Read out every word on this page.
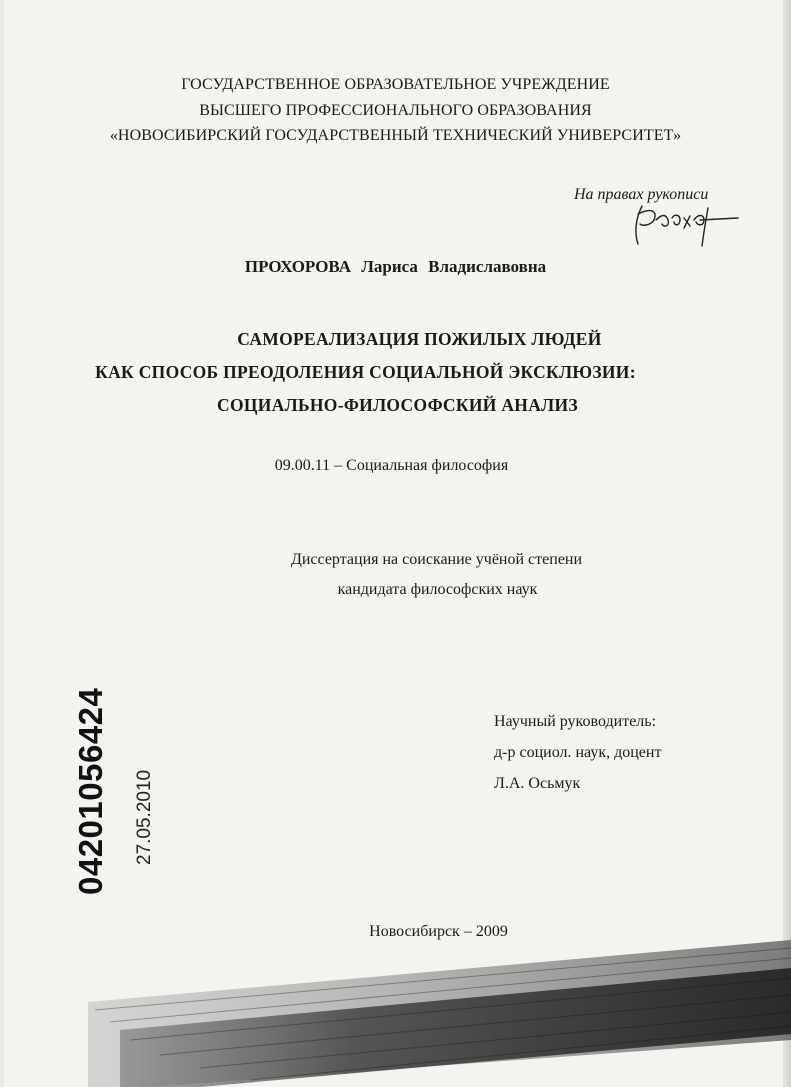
ГОСУДАРСТВЕННОЕ ОБРАЗОВАТЕЛЬНОЕ УЧРЕЖДЕНИЕ
ВЫСШЕГО ПРОФЕССИОНАЛЬНОГО ОБРАЗОВАНИЯ
«НОВОСИБИРСКИЙ ГОСУДАРСТВЕННЫЙ ТЕХНИЧЕСКИЙ УНИВЕРСИТЕТ»
На правах рукописи
ПРОХОРОВА Лариса Владиславовна
САМОРЕАЛИЗАЦИЯ ПОЖИЛЫХ ЛЮДЕЙ
КАК СПОСОБ ПРЕОДОЛЕНИЯ СОЦИАЛЬНОЙ ЭКСКЛЮЗИИ:
СОЦИАЛЬНО-ФИЛОСОФСКИЙ АНАЛИЗ
09.00.11 – Социальная философия
Диссертация на соискание учёной степени
кандидата философских наук
04201056424 27.05.2010
Научный руководитель:
д-р социол. наук, доцент
Л.А. Осьмук
Новосибирск – 2009
